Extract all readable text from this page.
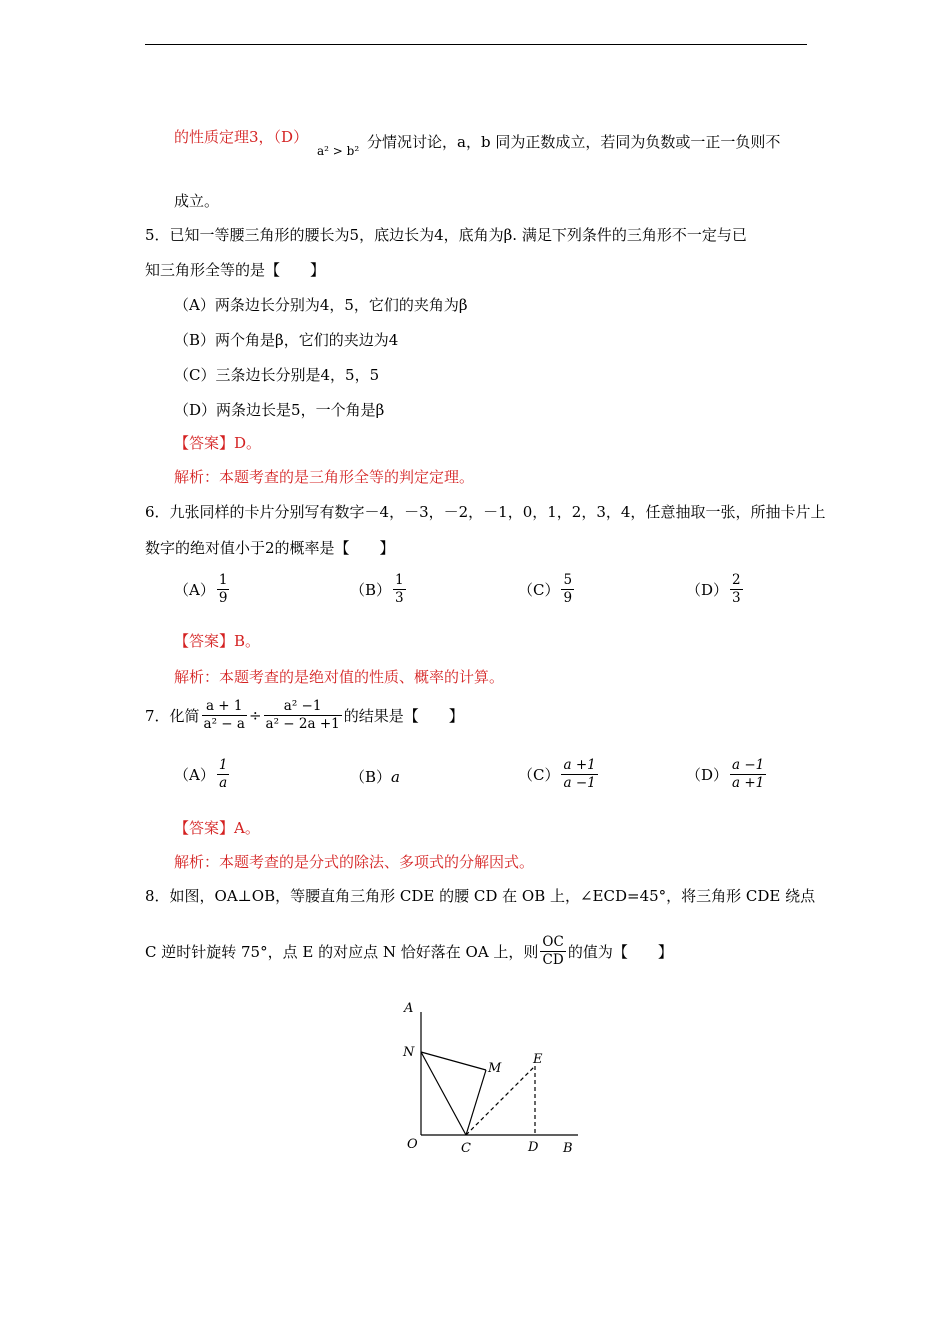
的性质定理3，（D）
a² > b² 分情况讨论，a，b 同为正数成立，若同为负数或一正一负则不
成立。
5．已知一等腰三角形的腰长为5，底边长为4，底角为β. 满足下列条件的三角形不一定与已
知三角形全等的是【　　】
（A）两条边长分别为4，5，它们的夹角为β
（B）两个角是β，它们的夹边为4
（C）三条边长分别是4，5，5
（D）两条边长是5，一个角是β
【答案】D。
解析：本题考查的是三角形全等的判定定理。
6．九张同样的卡片分别写有数字－4，－3，－2，－1，0，1，2，3，4，任意抽取一张，所抽卡片上
数字的绝对值小于2的概率是【　　】
$(A) \frac{1}{9}$	$(B) \frac{1}{3}$	$(C) \frac{5}{9}$	$(D) \frac{2}{3}$
【答案】B。
解析：本题考查的是绝对值的性质、概率的计算。
7．化简 $\frac{a + 1}{\text{a² − a}} \div \frac{\text{a² −1}}{\text{a² − 2a +1}}$ 的结果是【　　】
$(A) \frac{1}{a}$	（B）a	$(C) \frac{a +1}{a -1}$	$(D) \frac{a -1}{a +1}$
【答案】A。
解析：本题考查的是分式的除法、多项式的分解因式。
8．如图，OA⊥OB，等腰直角三角形 CDE 的腰 CD 在 OB 上，∠ECD=45°，将三角形 CDE 绕点
C 逆时针旋转 75°，点 E 的对应点 N 恰好落在 OA 上，则 $\frac{OC}{CD}$ 的值为【　　】
A
N
M
E
O	C	D B
